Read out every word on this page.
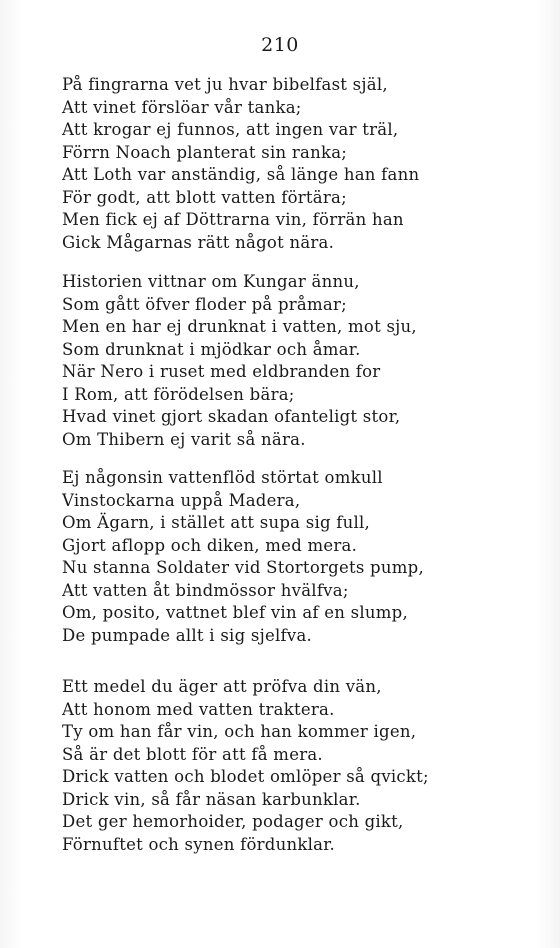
210
På fingrarna vet ju hvar bibelfast själ,
Att vinet förslöar vår tanka;
Att krogar ej funnos, att ingen var träl,
Förrn Noach planterat sin ranka;
Att Loth var anständig, så länge han fann
För godt, att blott vatten förtära;
Men fick ej af Döttrarna vin, förrän han
Gick Mågarnas rätt något nära.
Historien vittnar om Kungar ännu,
Som gått öfver floder på pråmar;
Men en har ej drunknat i vatten, mot sju,
Som drunknat i mjödkar och åmar.
När Nero i ruset med eldbranden for
I Rom, att förödelsen bära;
Hvad vinet gjort skadan ofanteligt stor,
Om Thibern ej varit så nära.
Ej någonsin vattenflöd störtat omkull
Vinstockarna uppå Madera,
Om Ägarn, i stället att supa sig full,
Gjort aflopp och diken, med mera.
Nu stanna Soldater vid Stortorgets pump,
Att vatten åt bindmössor hvälfva;
Om, posito, vattnet blef vin af en slump,
De pumpade allt i sig sjelfva.
Ett medel du äger att pröfva din vän,
Att honom med vatten traktera.
Ty om han får vin, och han kommer igen,
Så är det blott för att få mera.
Drick vatten och blodet omlöper så qvickt;
Drick vin, så får näsan karbunklar.
Det ger hemorhoider, podager och gikt,
Förnuftet och synen fördunklar.
